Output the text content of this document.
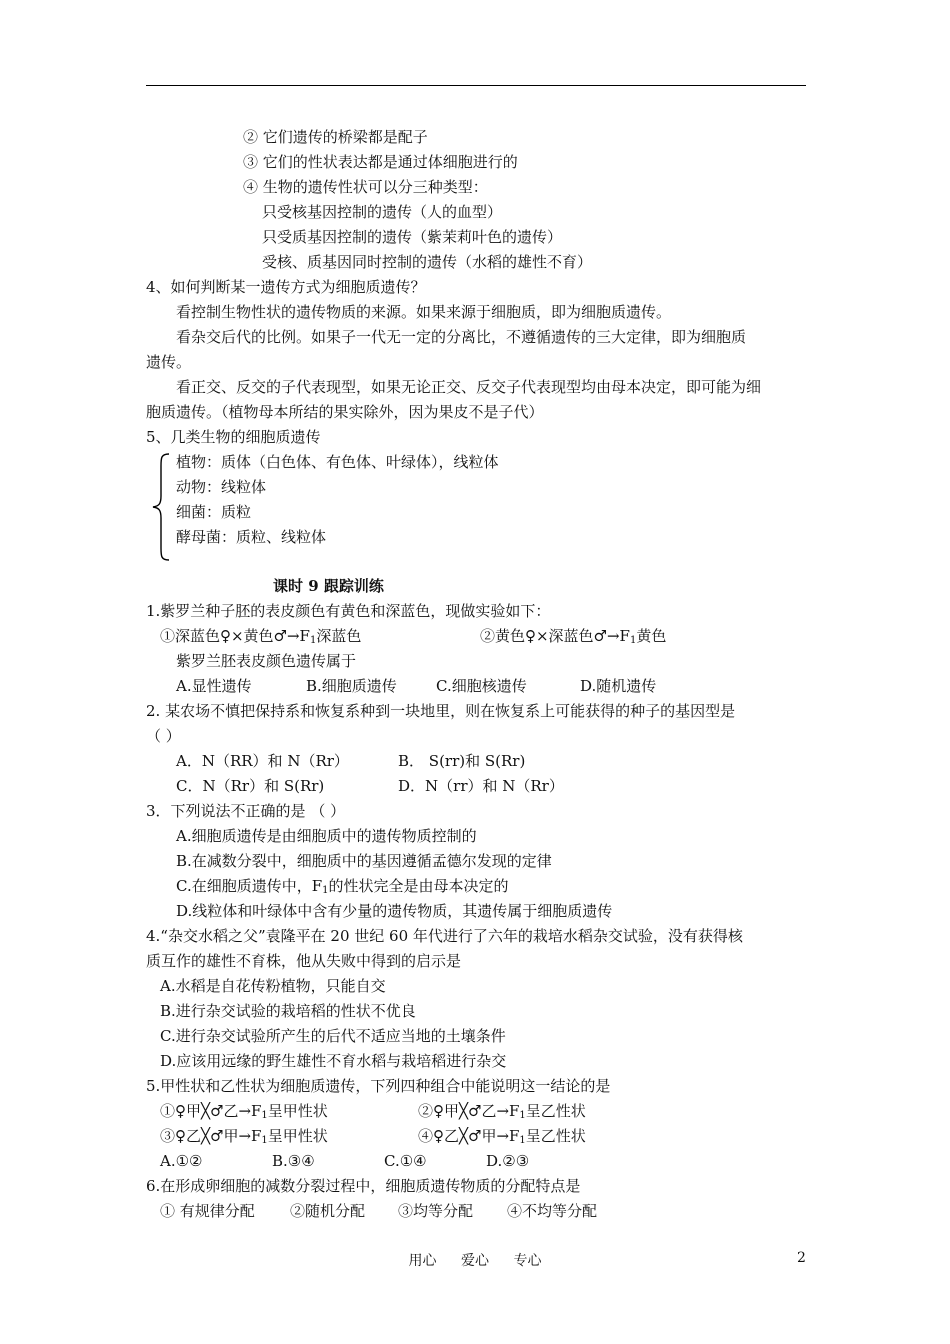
② 它们遗传的桥梁都是配子
③ 它们的性状表达都是通过体细胞进行的
④ 生物的遗传性状可以分三种类型：
只受核基因控制的遗传（人的血型）
只受质基因控制的遗传（紫茉莉叶色的遗传）
受核、质基因同时控制的遗传（水稻的雄性不育）
4、如何判断某一遗传方式为细胞质遗传？
看控制生物性状的遗传物质的来源。如果来源于细胞质，即为细胞质遗传。
看杂交后代的比例。如果子一代无一定的分离比，不遵循遗传的三大定律，即为细胞质
遗传。
看正交、反交的子代表现型，如果无论正交、反交子代表现型均由母本决定，即可能为细
胞质遗传。（植物母本所结的果实除外，因为果皮不是子代）
5、几类生物的细胞质遗传
植物：质体（白色体、有色体、叶绿体），线粒体
动物：线粒体
细菌：质粒
酵母菌：质粒、线粒体
课时 9 跟踪训练
1.紫罗兰种子胚的表皮颜色有黄色和深蓝色，现做实验如下：
①深蓝色♀×黄色$♂\to F_1$深蓝色	②黄色♀×深蓝色$♂\to F_1$黄色
紫罗兰胚表皮颜色遗传属于
A.显性遗传	B.细胞质遗传	C.细胞核遗传	D.随机遗传
2. 某农场不慎把保持系和恢复系种到一块地里，则在恢复系上可能获得的种子的基因型是
（ ）
A．N（RR）和 N（Rr）	B． S(rr)和 S(Rr)
C．N（Rr）和 S(Rr)	D．N（rr）和 N（Rr）
3．下列说法不正确的是 （ ）
A.细胞质遗传是由细胞质中的遗传物质控制的
B.在减数分裂中，细胞质中的基因遵循孟德尔发现的定律
C.在细胞质遗传中，$F_1$的性状完全是由母本决定的
D.线粒体和叶绿体中含有少量的遗传物质，其遗传属于细胞质遗传
4.“杂交水稻之父”袁隆平在 20 世纪 60 年代进行了六年的栽培水稻杂交试验，没有获得核
质互作的雄性不育株，他从失败中得到的启示是
A.水稻是自花传粉植物，只能自交
B.进行杂交试验的栽培稻的性状不优良
C.进行杂交试验所产生的后代不适应当地的土壤条件
D.应该用远缘的野生雄性不育水稻与栽培稻进行杂交
5.甲性状和乙性状为细胞质遗传，下列四种组合中能说明这一结论的是
①♀甲╳♂乙$\to F_1$呈甲性状	②♀甲╳♂乙$\to F_1$呈乙性状
③♀乙╳♂甲$\to F_1$呈甲性状	④♀乙╳♂甲$\to F_1$呈乙性状
A.①②	B.③④	C.①④	D.②③
6.在形成卵细胞的减数分裂过程中，细胞质遗传物质的分配特点是
① 有规律分配 ②随机分配 ③均等分配 ④不均等分配
用心 爱心 专心	2
